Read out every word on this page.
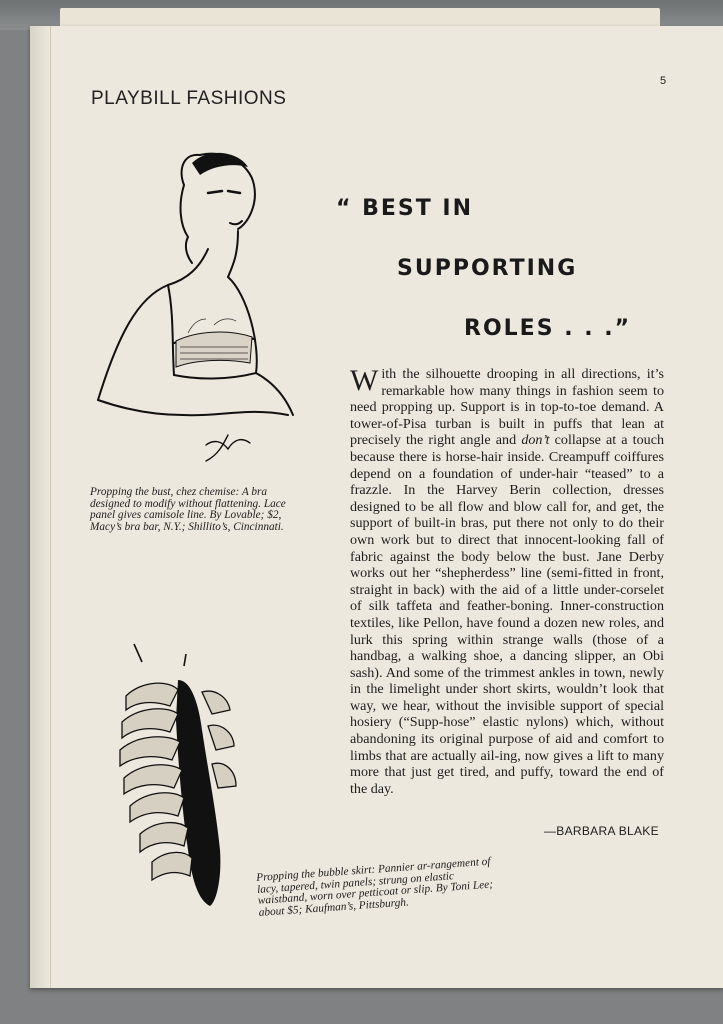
5
PLAYBILL FASHIONS
“ BEST IN
SUPPORTING
ROLES . . .”

Propping the bust, chez chemise: A bra designed to modify without flattening. Lace panel gives camisole line. By Lovable; $2, Macy’s bra bar, N.Y.; Shillito’s, Cincinnati.

With the silhouette drooping in all directions, it’s remarkable how many things in fashion seem to need propping up. Support is in top-to-toe demand. A tower-of-Pisa turban is built in puffs that lean at precisely the right angle and don’t collapse at a touch because there is horse-hair inside. Creampuff coiffures depend on a foundation of under-hair “teased” to a frazzle. In the Harvey Berin collection, dresses designed to be all flow and blow call for, and get, the support of built-in bras, put there not only to do their own work but to direct that innocent-looking fall of fabric against the body below the bust. Jane Derby works out her “shepherdess” line (semi-fitted in front, straight in back) with the aid of a little under-corselet of silk taffeta and feather-boning. Inner-construction textiles, like Pellon, have found a dozen new roles, and lurk this spring within strange walls (those of a handbag, a walking shoe, a dancing slipper, an Obi sash). And some of the trimmest ankles in town, newly in the limelight under short skirts, wouldn’t look that way, we hear, without the invisible support of special hosiery (“Supp-hose” elastic nylons) which, without abandoning its original purpose of aid and comfort to limbs that are actually ail-ing, now gives a lift to many more that just get tired, and puffy, toward the end of the day.

—BARBARA BLAKE

Propping the bubble skirt: Pannier ar-rangement of lacy, tapered, twin panels; strung on elastic waistband, worn over petticoat or slip. By Toni Lee; about $5; Kaufman’s, Pittsburgh.
